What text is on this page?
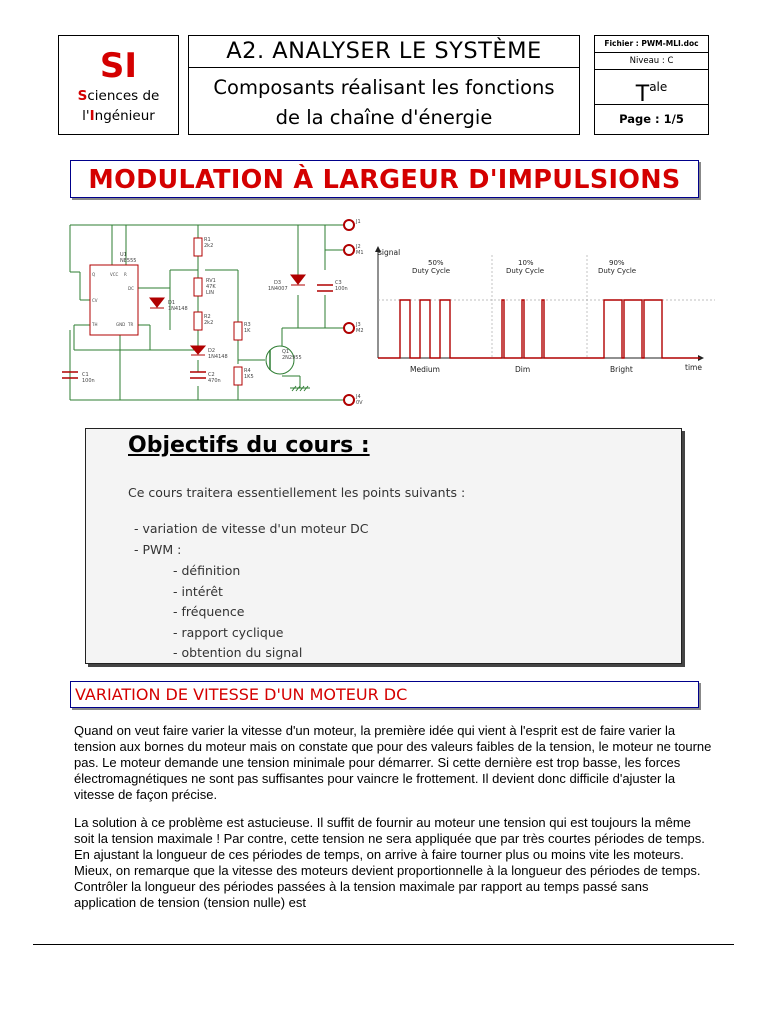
SI
Sciences de
l'Ingénieur
A2. ANALYSER LE SYSTÈME
Composants réalisant les fonctions
de la chaîne d'énergie
Fichier : PWM-MLI.doc
Niveau : C
$T^{ale}$
Page : 1/5
MODULATION À LARGEUR D'IMPULSIONS
R1
2k2
RV1
47K
LIN
R2
2k2
D1
1N4148
D2
1N4148
C1
100n
C2
470n
D3
1N4007
C3
100n
R3
1K
R4
1K5
Q1
2N2955
U1
NE555
J1
J2
M1
J3
M2
J4
0V
VCC R
DC
CV
TH	TR
GND
Q
signal
time
50%
Duty Cycle
10%
Duty Cycle
90%
Duty Cycle
Medium	Dim	Bright
Objectifs du cours :
Ce cours traitera essentiellement les points suivants :
- variation de vitesse d'un moteur DC
- PWM :
- définition
- intérêt
- fréquence
- rapport cyclique
- obtention du signal
VARIATION DE VITESSE D'UN MOTEUR DC

Quand on veut faire varier la vitesse d'un moteur, la première idée qui vient à l'esprit est de faire varier la tension aux bornes du moteur mais on constate que pour des valeurs faibles de la tension, le moteur ne tourne pas. Le moteur demande une tension minimale pour démarrer. Si cette dernière est trop basse, les forces électromagnétiques ne sont pas suffisantes pour vaincre le frottement. Il devient donc difficile d'ajuster la vitesse de façon précise.

La solution à ce problème est astucieuse. Il suffit de fournir au moteur une tension qui est toujours la même soit la tension maximale ! Par contre, cette tension ne sera appliquée que par très courtes périodes de temps. En ajustant la longueur de ces périodes de temps, on arrive à faire tourner plus ou moins vite les moteurs. Mieux, on remarque que la vitesse des moteurs devient proportionnelle à la longueur des périodes de temps. Contrôler la longueur des périodes passées à la tension maximale par rapport au temps passé sans application de tension (tension nulle) est
